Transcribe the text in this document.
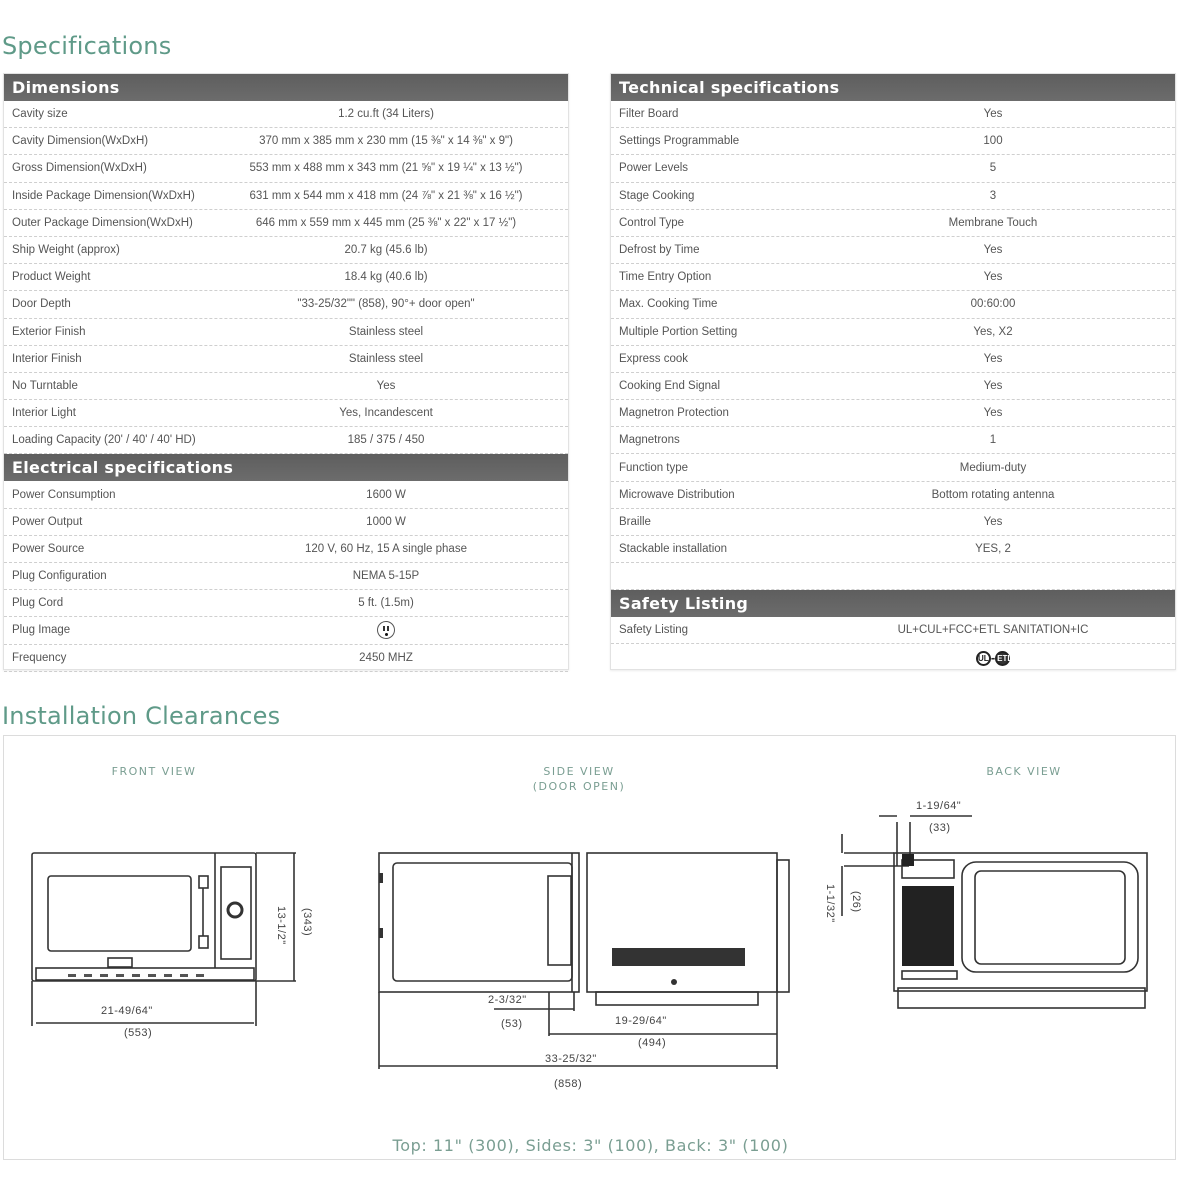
Specifications
Dimensions
Cavity size	1.2 cu.ft (34 Liters)
Cavity Dimension(WxDxH)	370 mm x 385 mm x 230 mm (15 ⅜" x 14 ⅜" x 9")
Gross Dimension(WxDxH)	553 mm x 488 mm x 343 mm (21 ⅝" x 19 ¼" x 13 ½")
Inside Package Dimension(WxDxH)	631 mm x 544 mm x 418 mm (24 ⅞" x 21 ⅜" x 16 ½")
Outer Package Dimension(WxDxH)	646 mm x 559 mm x 445 mm (25 ⅜" x 22" x 17 ½")
Ship Weight (approx)	20.7 kg (45.6 lb)
Product Weight	18.4 kg (40.6 lb)
Door Depth	"33-25/32"" (858), 90°+ door open"
Exterior Finish	Stainless steel
Interior Finish	Stainless steel
No Turntable	Yes
Interior Light	Yes, Incandescent
Loading Capacity (20' / 40' / 40' HD)	185 / 375 / 450
Electrical specifications
Power Consumption	1600 W
Power Output	1000 W
Power Source	120 V, 60 Hz, 15 A single phase
Plug Configuration	NEMA 5-15P
Plug Cord	5 ft. (1.5m)
Plug Image
Frequency	2450 MHZ
Technical specifications
Filter Board	Yes
Settings Programmable	100
Power Levels	5
Stage Cooking	3
Control Type	Membrane Touch
Defrost by Time	Yes
Time Entry Option	Yes
Max. Cooking Time	00:60:00
Multiple Portion Setting	Yes, X2
Express cook	Yes
Cooking End Signal	Yes
Magnetron Protection	Yes
Magnetrons	1
Function type	Medium-duty
Microwave Distribution	Bottom rotating antenna
Braille	Yes
Stackable installation	YES, 2
Safety Listing
Safety Listing	UL+CUL+FCC+ETL SANITATION+IC
UL - ETL
Installation Clearances
FRONT VIEW
21-49/64"
(553)
13-1/2" (343)
SIDE VIEW
(DOOR OPEN)
2-3/32"
(53)	19-29/64"
(494)
33-25/32"
(858)
BACK VIEW
1-19/64"
(33)
1-1/32" (26)
Top: 11" (300), Sides: 3" (100), Back: 3" (100)
